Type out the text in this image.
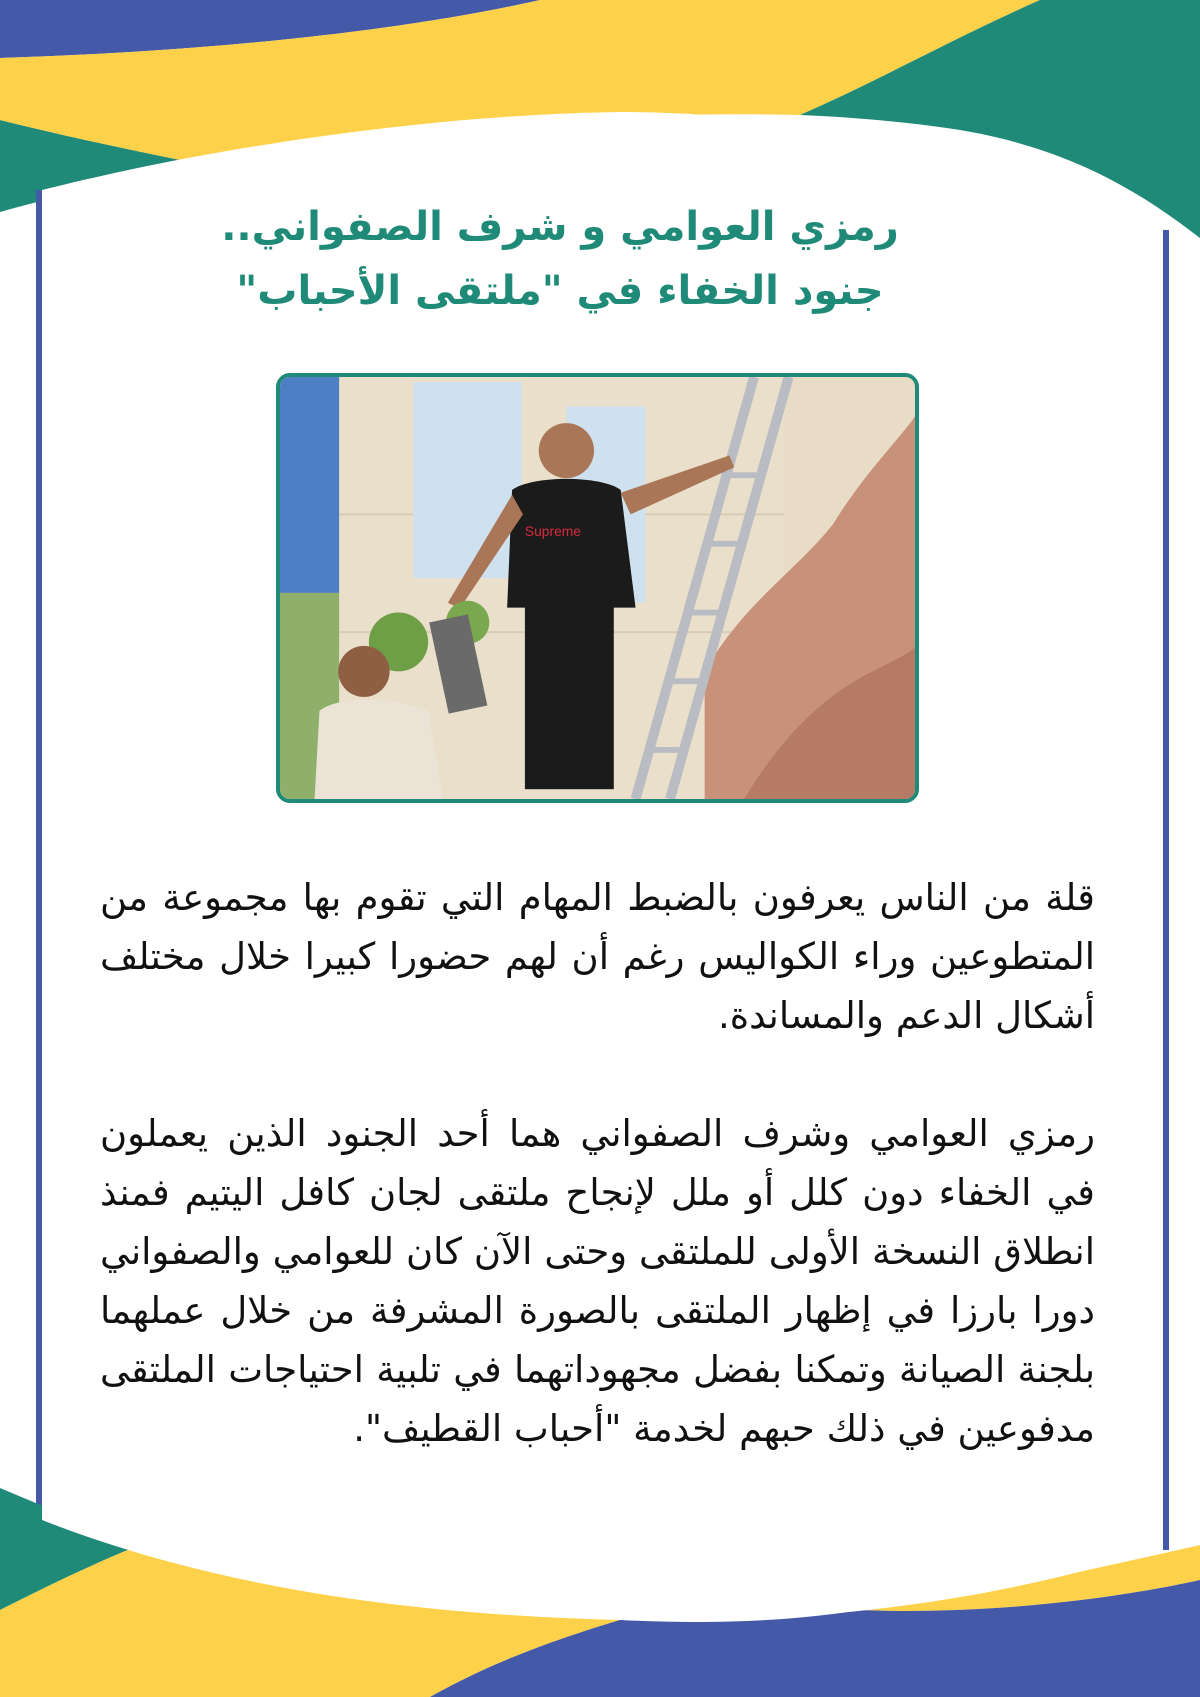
رمزي العوامي و شرف الصفواني..
جنود الخفاء في "ملتقى الأحباب"
Supreme

قلة من الناس يعرفون بالضبط المهام التي تقوم بها مجموعة من المتطوعين وراء الكواليس رغم أن لهم حضورا كبيرا خلال مختلف أشكال الدعم والمساندة.

رمزي العوامي وشرف الصفواني هما أحد الجنود الذين يعملون في الخفاء دون كلل أو ملل لإنجاح ملتقى لجان كافل اليتيم فمنذ انطلاق النسخة الأولى للملتقى وحتى الآن كان للعوامي والصفواني دورا بارزا في إظهار الملتقى بالصورة المشرفة من خلال عملهما بلجنة الصيانة وتمكنا بفضل مجهوداتهما في تلبية احتياجات الملتقى مدفوعين في ذلك حبهم لخدمة "أحباب القطيف".
